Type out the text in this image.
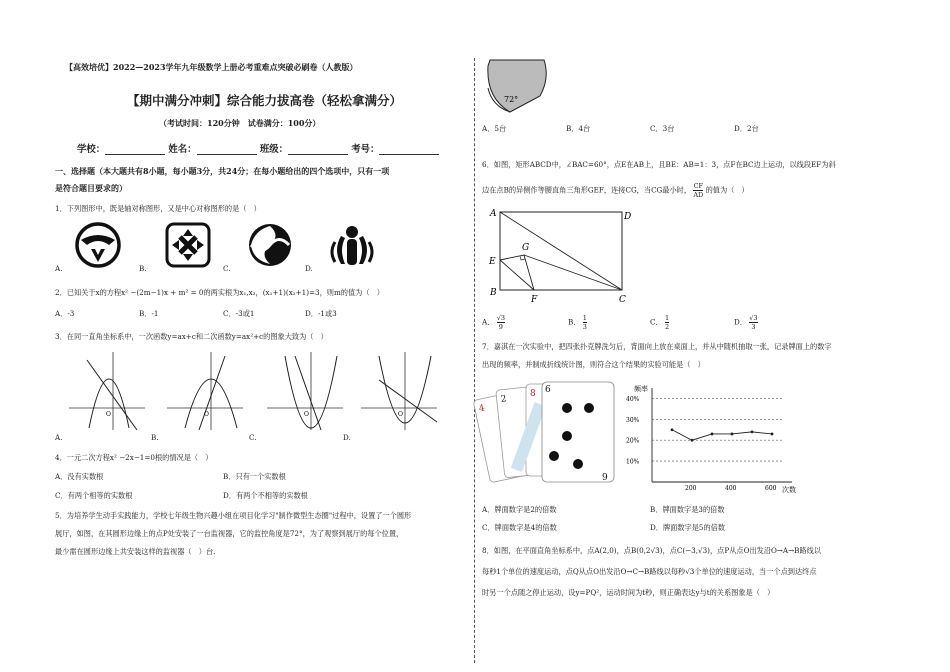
【高效培优】2022—2023学年九年级数学上册必考重难点突破必刷卷（人教版）
【期中满分冲刺】综合能力拔高卷（轻松拿满分）
（考试时间：120分钟　试卷满分：100分）
学校：	姓名：	班级：	考号：
一、选择题（本大题共有8小题，每小题3分，共24分；在每小题给出的四个选项中，只有一项
是符合题目要求的）
1．下列图形中，既是轴对称图形，又是中心对称图形的是（　）
A.	B.	C.	D.
2．已知关于x的方程x² −(2m−1)x + m² = 0的两实根为x₁,x₂，(x₁+1)(x₂+1)=3，则m的值为（　）
A．-3	B．-1	C．-3或1	D．-1或3
3．在同一直角坐标系中，一次函数y=ax+c和二次函数y=ax²+c的图象大致为（　）
O	O	O	O
A.	B.	C.	D.
4．一元二次方程x² −2x−1=0根的情况是（　）
A．没有实数根	B．只有一个实数根
C．有两个相等的实数根	D．有两个不相等的实数根
5．为培养学生动手实践能力，学校七年级生物兴趣小组在项目化学习"制作微型生态圈"过程中，设置了一个圆形
展厅，如图，在其圆形边缘上的点P处安装了一台监视器，它的监控角度是72°，为了观察到展厅的每个位置，
最少需在圆形边缘上共安装这样的监视器（　）台.
72°
A．5台	B．4台	C．3台	D．2台
6．如图，矩形ABCD中，∠BAC=60°，点E在AB上，且BE：AB=1：3，点F在BC边上运动，以线段EF为斜
边在点B的异侧作等腰直角三角形GEF，连接CG，当CG最小时， $\frac{CF}{AD}$ 的值为（　）
A	D
G
E
B
F	C
A． $\frac{√3}{9}$	B． $\frac{1}{3}$	C． $\frac{1}{2}$	D． $\frac{√3}{3}$
7．嘉淇在一次实验中，把四张扑克牌洗匀后，背面向上放在桌面上，并从中随机抽取一张，记录牌面上的数字
出现的频率，并制成折线统计图，则符合这个结果的实验可能是（　）
4
2
8 6
9
频率
次数
10%
20%
30%
40%
200	400	600
A．牌面数字是2的倍数	B．牌面数字是3的倍数
C．牌面数字是4的倍数	D．牌面数字是5的倍数
8．如图，在平面直角坐标系中，点A(2,0)，点B(0,2√3)，点C(−3,√3)，点P从点O出发沿O→A→B路线以
每秒1个单位的速度运动，点Q从点O出发沿O→C→B路线以每秒√3个单位的速度运动，当一个点到达终点
时另一个点随之停止运动，设y=PQ²，运动时间为t秒，则正确表达y与t的关系图象是（　）
